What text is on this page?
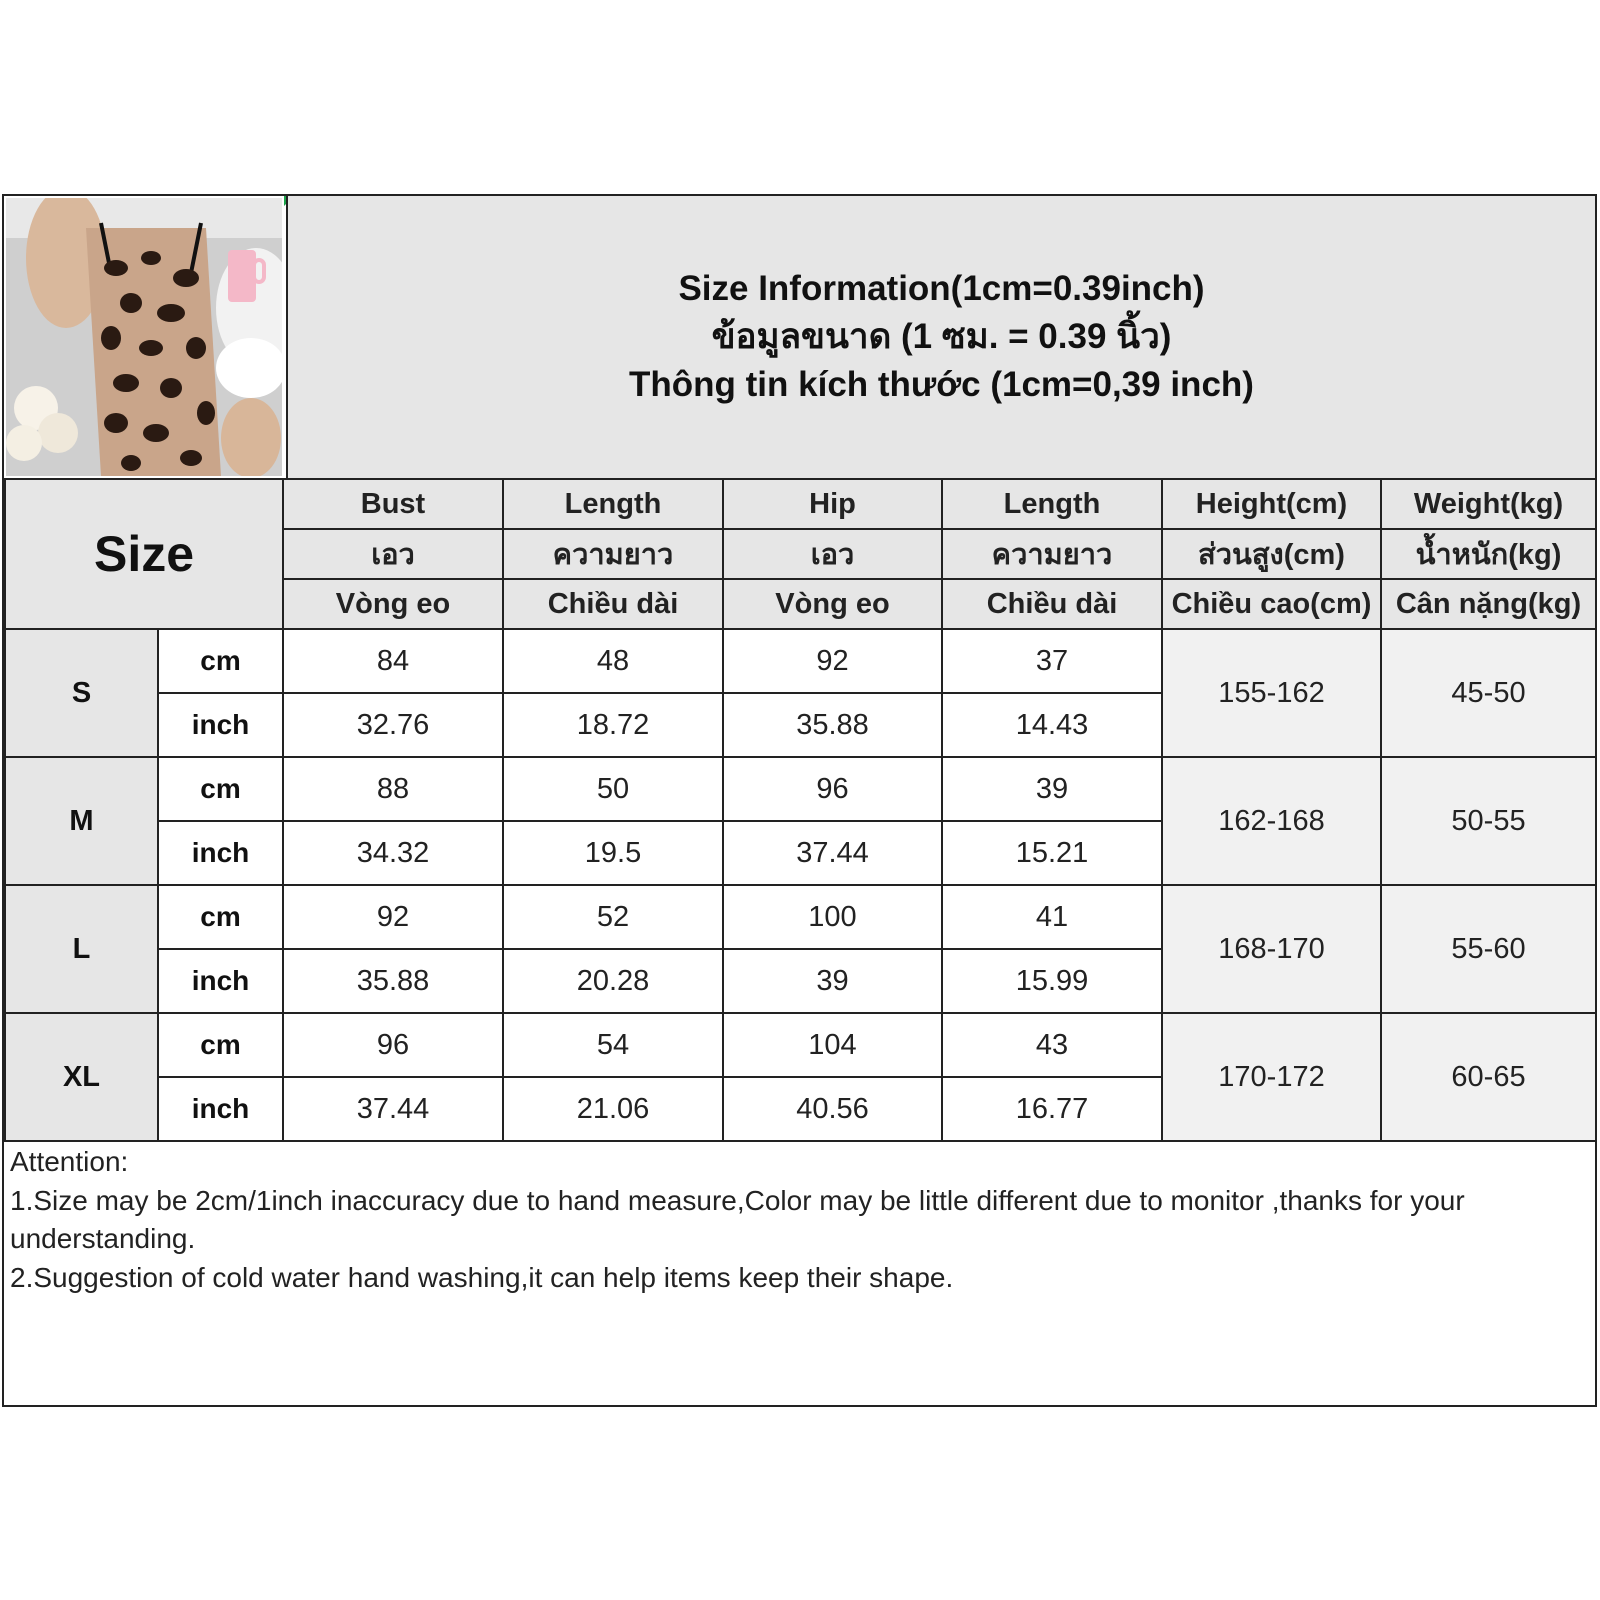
Size Information(1cm=0.39inch)
ข้อมูลขนาด (1 ซม. = 0.39 นิ้ว)
Thông tin kích thước (1cm=0,39 inch)
Size		Bust	Length	Hip	Length	Height(cm)	Weight(kg)
		เอว	ความยาว	เอว	ความยาว	ส่วนสูง(cm)	น้ำหนัก(kg)
		Vòng eo	Chiều dài	Vòng eo	Chiều dài	Chiều cao(cm)	Cân nặng(kg)
S	cm	84	48	92	37	155-162	45-50
	inch	32.76	18.72	35.88	14.43		
M	cm	88	50	96	39	162-168	50-55
	inch	34.32	19.5	37.44	15.21		
L	cm	92	52	100	41	168-170	55-60
	inch	35.88	20.28	39	15.99		
XL	cm	96	54	104	43	170-172	60-65
	inch	37.44	21.06	40.56	16.77		
Attention:
1.Size may be 2cm/1inch inaccuracy due to hand measure,Color may be little different due to monitor ,thanks for your understanding.
2.Suggestion of cold water hand washing,it can help items keep their shape.
